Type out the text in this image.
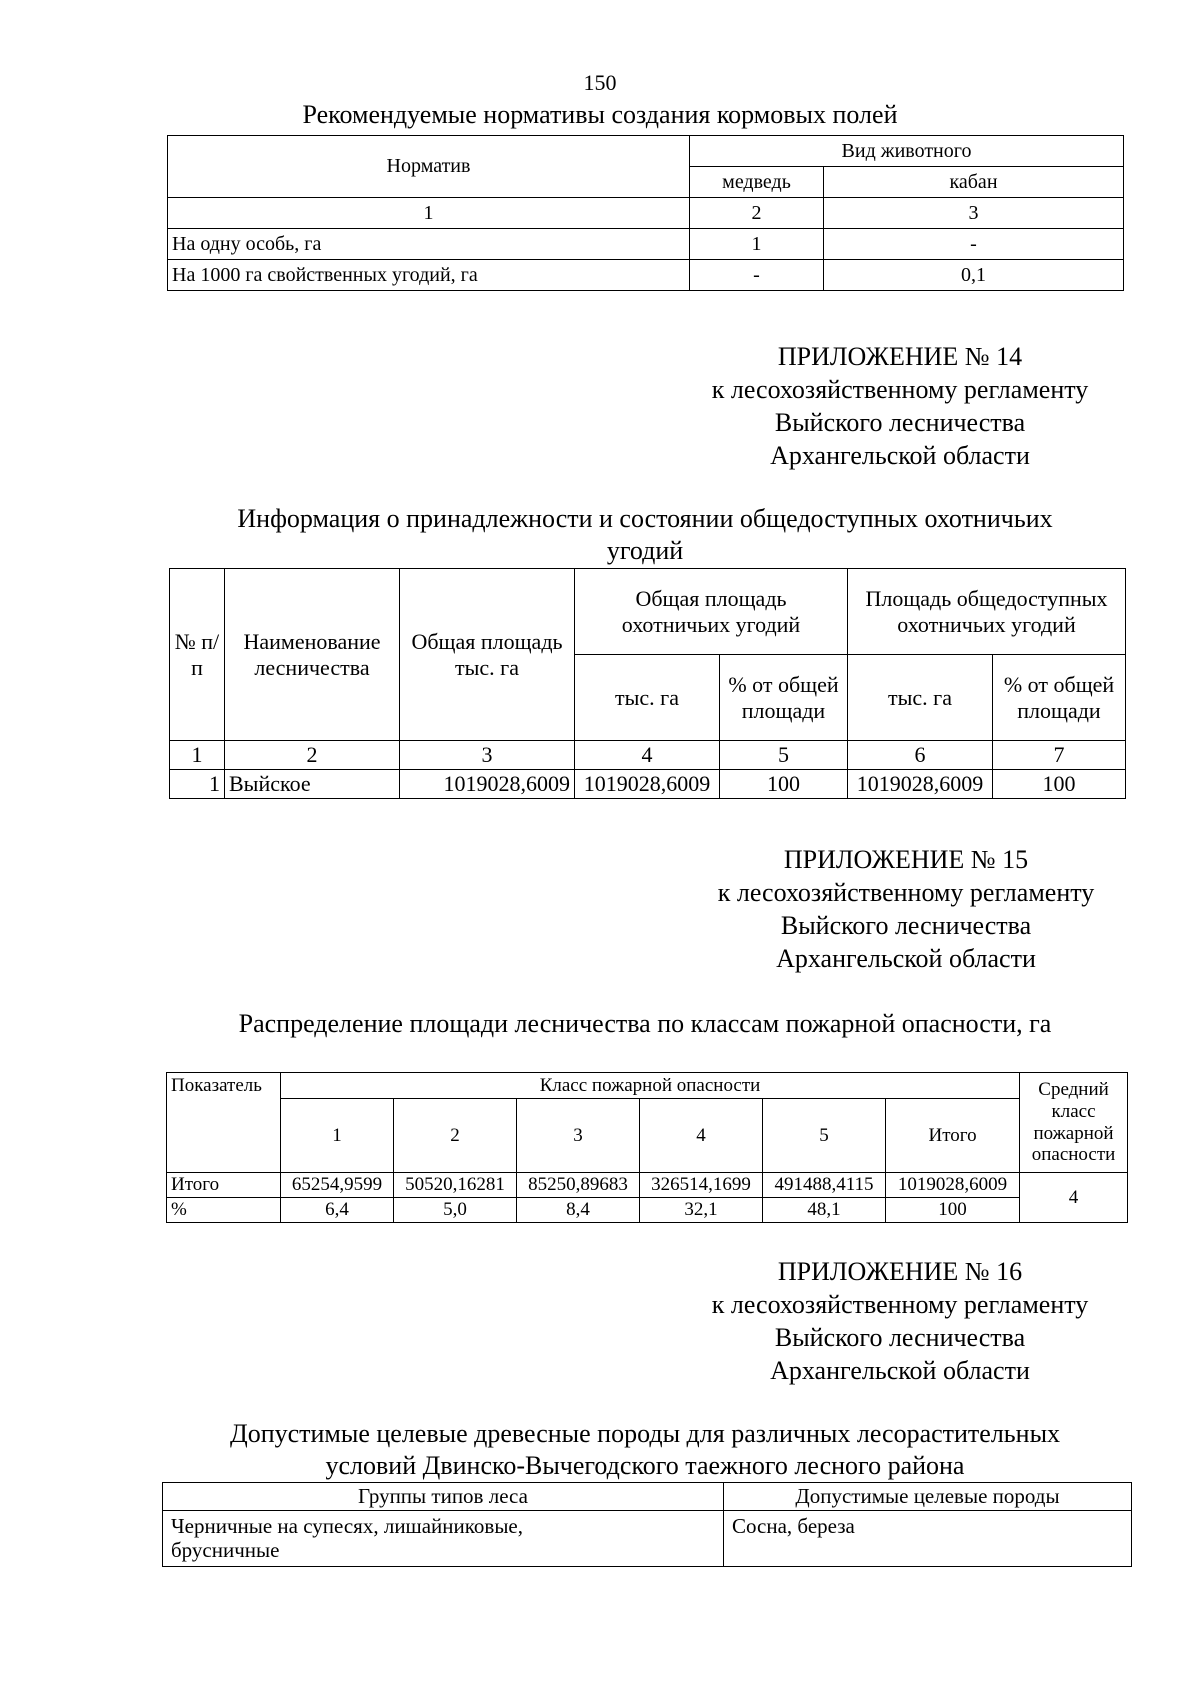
150
Рекомендуемые нормативы создания кормовых полей
Норматив	Вид животного	
	медведь	кабан
1	2	3
На одну особь, га	1	-
На 1000 га свойственных угодий, га	-	0,1
ПРИЛОЖЕНИЕ № 14
к лесохозяйственному регламенту
Выйского лесничества
Архангельской области
Информация о принадлежности и состоянии общедоступных охотничьих
угодий
№ п/п	Наименование лесничества	Общая площадь тыс. га	Общая площадь охотничьих угодий		Площадь общедоступных охотничьих угодий	
			тыс. га	% от общей площади	тыс. га	% от общей площади
1	2	3	4	5	6	7
1	Выйское	1019028,6009	1019028,6009	100	1019028,6009	100
ПРИЛОЖЕНИЕ № 15
к лесохозяйственному регламенту
Выйского лесничества
Архангельской области
Распределение площади лесничества по классам пожарной опасности, га
Показатель	Класс пожарной опасности						Средний класс пожарной опасности
	1	2	3	4	5	Итого	
Итого	65254,9599	50520,16281	85250,89683	326514,1699	491488,4115	1019028,6009	4
%	6,4	5,0	8,4	32,1	48,1	100	
ПРИЛОЖЕНИЕ № 16
к лесохозяйственному регламенту
Выйского лесничества
Архангельской области
Допустимые целевые древесные породы для различных лесорастительных
условий Двинско-Вычегодского таежного лесного района
Группы типов леса	Допустимые целевые породы

Черничные на супесях, лишайниковые, брусничные	Сосна, береза
